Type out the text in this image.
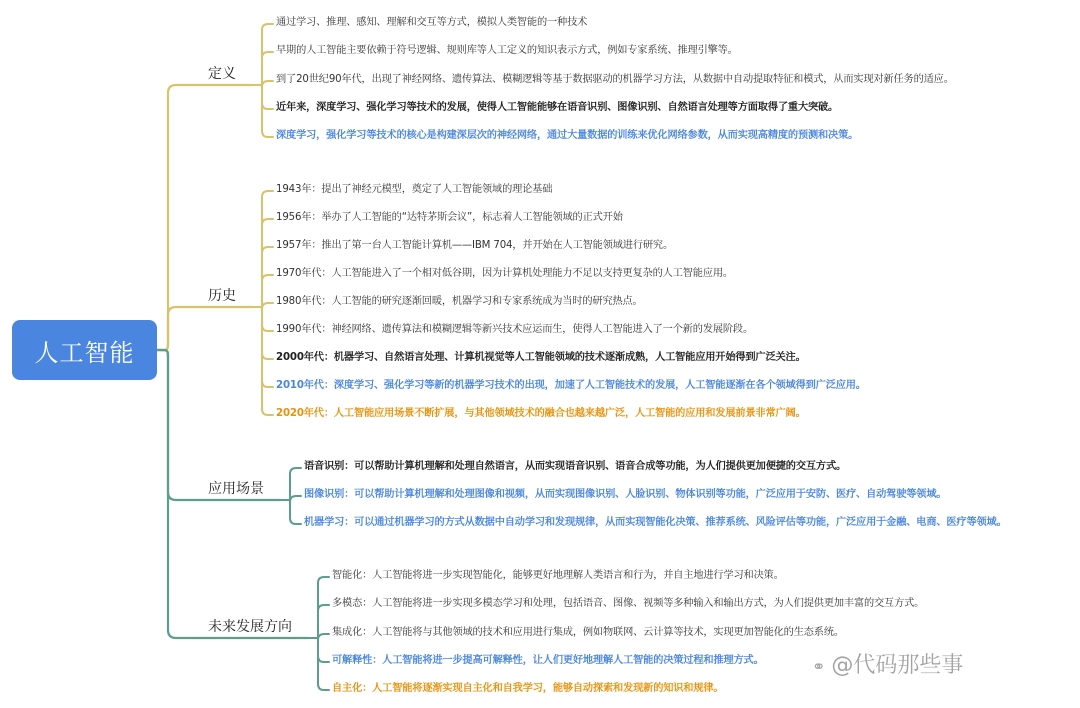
人工智能
定义
通过学习、推理、感知、理解和交互等方式，模拟人类智能的一种技术
早期的人工智能主要依赖于符号逻辑、规则库等人工定义的知识表示方式，例如专家系统、推理引擎等。
到了20世纪90年代，出现了神经网络、遗传算法、模糊逻辑等基于数据驱动的机器学习方法，从数据中自动提取特征和模式，从而实现对新任务的适应。
近年来，深度学习、强化学习等技术的发展，使得人工智能能够在语音识别、图像识别、自然语言处理等方面取得了重大突破。
深度学习，强化学习等技术的核心是构建深层次的神经网络，通过大量数据的训练来优化网络参数，从而实现高精度的预测和决策。
历史
1943年：提出了神经元模型，奠定了人工智能领域的理论基础
1956年：举办了人工智能的“达特茅斯会议”，标志着人工智能领域的正式开始
1957年：推出了第一台人工智能计算机——IBM 704，并开始在人工智能领域进行研究。
1970年代：人工智能进入了一个相对低谷期，因为计算机处理能力不足以支持更复杂的人工智能应用。
1980年代：人工智能的研究逐渐回暖，机器学习和专家系统成为当时的研究热点。
1990年代：神经网络、遗传算法和模糊逻辑等新兴技术应运而生，使得人工智能进入了一个新的发展阶段。
2000年代：机器学习、自然语言处理、计算机视觉等人工智能领域的技术逐渐成熟，人工智能应用开始得到广泛关注。
2010年代：深度学习、强化学习等新的机器学习技术的出现，加速了人工智能技术的发展，人工智能逐渐在各个领域得到广泛应用。
2020年代：人工智能应用场景不断扩展，与其他领域技术的融合也越来越广泛，人工智能的应用和发展前景非常广阔。
应用场景
语音识别：可以帮助计算机理解和处理自然语言，从而实现语音识别、语音合成等功能，为人们提供更加便捷的交互方式。
图像识别：可以帮助计算机理解和处理图像和视频，从而实现图像识别、人脸识别、物体识别等功能，广泛应用于安防、医疗、自动驾驶等领域。
机器学习：可以通过机器学习的方式从数据中自动学习和发现规律，从而实现智能化决策、推荐系统、风险评估等功能，广泛应用于金融、电商、医疗等领域。
未来发展方向
智能化：人工智能将进一步实现智能化，能够更好地理解人类语言和行为，并自主地进行学习和决策。
多模态：人工智能将进一步实现多模态学习和处理，包括语音、图像、视频等多种输入和输出方式，为人们提供更加丰富的交互方式。
集成化：人工智能将与其他领域的技术和应用进行集成，例如物联网、云计算等技术，实现更加智能化的生态系统。
可解释性：人工智能将进一步提高可解释性，让人们更好地理解人工智能的决策过程和推理方式。
自主化：人工智能将逐渐实现自主化和自我学习，能够自动探索和发现新的知识和规律。
⚭ @代码那些事
